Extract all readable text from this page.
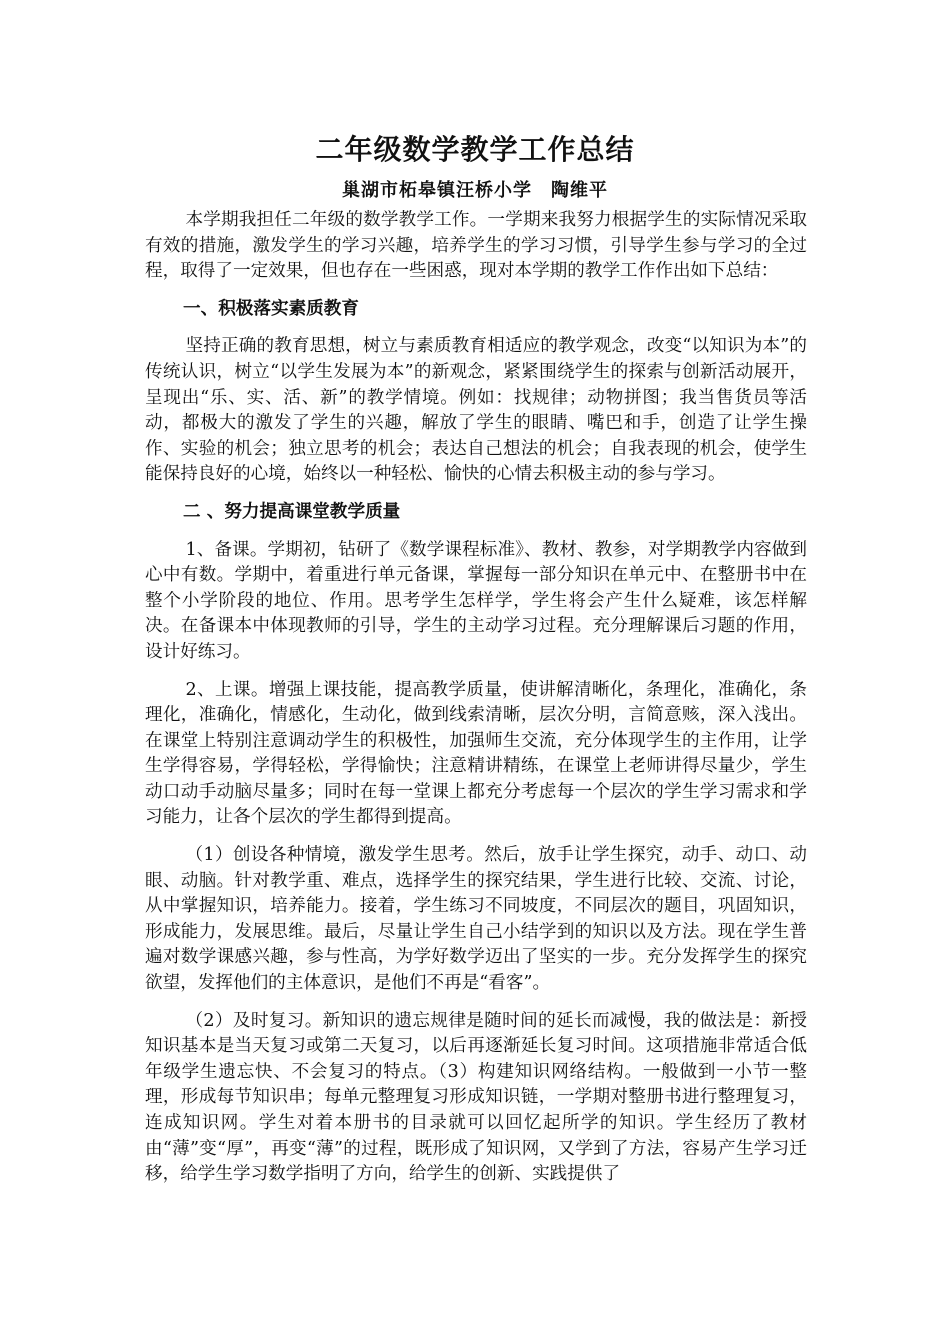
二年级数学教学工作总结
巢湖市柘皋镇汪桥小学　陶维平

本学期我担任二年级的数学教学工作。一学期来我努力根据学生的实际情况采取有效的措施，激发学生的学习兴趣，培养学生的学习习惯，引导学生参与学习的全过程，取得了一定效果，但也存在一些困惑，现对本学期的教学工作作出如下总结：

一、积极落实素质教育

坚持正确的教育思想，树立与素质教育相适应的教学观念，改变“以知识为本”的传统认识，树立“以学生发展为本”的新观念，紧紧围绕学生的探索与创新活动展开，呈现出“乐、实、活、新”的教学情境。例如：找规律；动物拼图；我当售货员等活动，都极大的激发了学生的兴趣，解放了学生的眼睛、嘴巴和手，创造了让学生操作、实验的机会；独立思考的机会；表达自己想法的机会；自我表现的机会，使学生能保持良好的心境，始终以一种轻松、愉快的心情去积极主动的参与学习。

二 、努力提高课堂教学质量

1、备课。学期初，钻研了《数学课程标准》、教材、教参，对学期教学内容做到心中有数。学期中，着重进行单元备课，掌握每一部分知识在单元中、在整册书中在整个小学阶段的地位、作用。思考学生怎样学，学生将会产生什么疑难，该怎样解决。在备课本中体现教师的引导，学生的主动学习过程。充分理解课后习题的作用，设计好练习。

2、上课。增强上课技能，提高教学质量，使讲解清晰化，条理化，准确化，条理化，准确化，情感化，生动化，做到线索清晰，层次分明，言简意赅，深入浅出。在课堂上特别注意调动学生的积极性，加强师生交流，充分体现学生的主作用，让学生学得容易，学得轻松，学得愉快；注意精讲精练，在课堂上老师讲得尽量少，学生动口动手动脑尽量多；同时在每一堂课上都充分考虑每一个层次的学生学习需求和学习能力，让各个层次的学生都得到提高。

（1）创设各种情境，激发学生思考。然后，放手让学生探究，动手、动口、动眼、动脑。针对教学重、难点，选择学生的探究结果，学生进行比较、交流、讨论，从中掌握知识，培养能力。接着，学生练习不同坡度，不同层次的题目，巩固知识，形成能力，发展思维。最后，尽量让学生自己小结学到的知识以及方法。现在学生普遍对数学课感兴趣，参与性高，为学好数学迈出了坚实的一步。充分发挥学生的探究欲望，发挥他们的主体意识，是他们不再是“看客”。

（2）及时复习。新知识的遗忘规律是随时间的延长而减慢，我的做法是：新授知识基本是当天复习或第二天复习，以后再逐渐延长复习时间。这项措施非常适合低年级学生遗忘快、不会复习的特点。（3）构建知识网络结构。一般做到一小节一整理，形成每节知识串；每单元整理复习形成知识链，一学期对整册书进行整理复习，连成知识网。学生对着本册书的目录就可以回忆起所学的知识。学生经历了教材由“薄”变“厚”，再变“薄”的过程，既形成了知识网，又学到了方法，容易产生学习迁移，给学生学习数学指明了方向，给学生的创新、实践提供了
